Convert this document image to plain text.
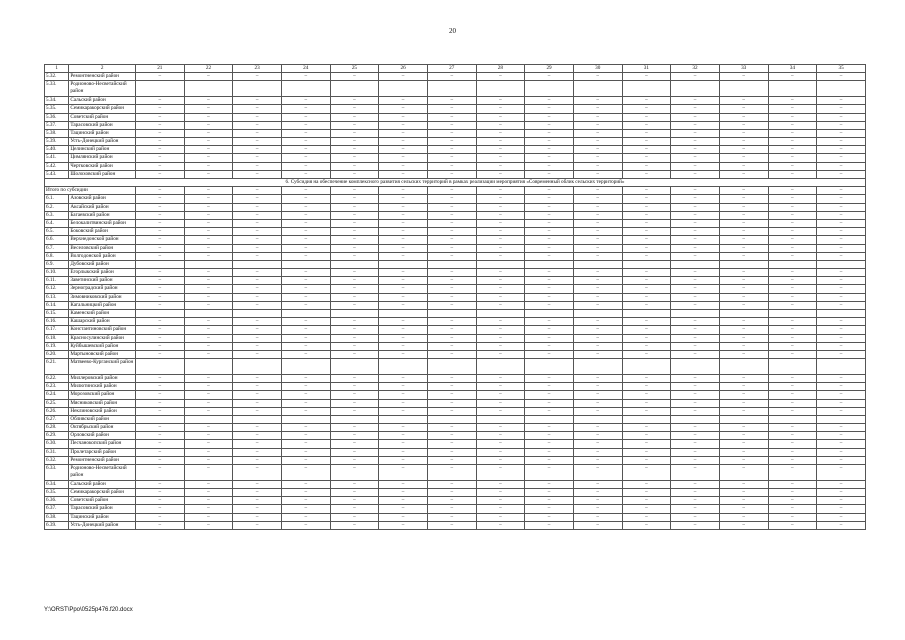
20
1	2	21	22	23	24	25	26	27	28	29	30	31	32	33	34	35
5.32.	Ремонтненский район	–	–	–	–	–	–	–	–	–	–	–	–	–	–	–
5.33.	Родионово-Несветайский район															
5.34.	Сальский район	–	–	–	–	–	–	–	–	–	–	–	–	–	–	–
5.35.	Семикаракорский район	–	–	–	–	–	–	–	–	–	–	–	–	–	–	–
5.36.	Советский район	–	–	–	–	–	–	–	–	–	–	–	–	–	–	–
5.37.	Тарасовский район	–	–	–	–	–	–	–	–	–	–	–	–	–	–	–
5.38.	Тацинский район	–	–	–	–	–	–	–	–	–	–	–	–	–	–	–
5.39.	Усть-Донецкий район	–	–	–	–	–	–	–	–	–	–	–	–	–	–	–
5.40.	Целинский район	–	–	–	–	–	–	–	–	–	–	–	–	–	–	–
5.41.	Цимлянский район	–	–	–	–	–	–	–	–	–	–	–	–	–	–	–
5.42.	Чертковский район	–	–	–	–	–	–	–	–	–	–	–	–	–	–	–
5.43.	Шолоховский район	–	–	–	–	–	–	–	–	–	–	–	–	–	–	–
6. Субсидия на обеспечение комплексного развития сельских территорий в рамках реализации мероприятия «Современный облик сельских территорий»																
Итого по субсидии		–	–	–	–	–	–	–	–	–	–	–	–	–	–	–
6.1.	Азовский район	–	–	–	–	–	–	–	–	–	–	–	–	–	–	–
6.2.	Аксайский район	–	–	–	–	–	–	–	–	–	–	–	–	–	–	–
6.3.	Багаевский район	–	–	–	–	–	–	–	–	–	–	–	–	–	–	–
6.4.	Белокалитвинский район	–	–	–	–	–	–	–	–	–	–	–	–	–	–	–
6.5.	Боковский район	–	–	–	–	–	–	–	–	–	–	–	–	–	–	–
6.6.	Верхнедонской район	–	–	–	–	–	–	–	–	–	–	–	–	–	–	–
6.7.	Веселовский район	–	–	–	–	–	–	–	–	–	–	–	–	–	–	–
6.8.	Волгодонской район	–	–	–	–	–	–	–	–	–	–	–	–	–	–	–
6.9.	Дубовский район															
6.10.	Егорлыкский район	–	–	–	–	–	–	–	–	–	–	–	–	–	–	–
6.11.	Заветинский район	–	–	–	–	–	–	–	–	–	–	–	–	–	–	–
6.12.	Зерноградский район	–	–	–	–	–	–	–	–	–	–	–	–	–	–	–
6.13.	Зимовниковский район	–	–	–	–	–	–	–	–	–	–	–	–	–	–	–
6.14.	Кагальницкий район	–	–	–	–	–	–	–	–	–	–	–	–	–	–	–
6.15.	Каменский район															
6.16.	Кашарский район	–	–	–	–	–	–	–	–	–	–	–	–	–	–	–
6.17.	Константиновский район	–	–	–	–	–	–	–	–	–	–	–	–	–	–	–
6.18.	Красносулинский район	–	–	–	–	–	–	–	–	–	–	–	–	–	–	–
6.19.	Куйбышевский район	–	–	–	–	–	–	–	–	–	–	–	–	–	–	–
6.20.	Мартыновский район	–	–	–	–	–	–	–	–	–	–	–	–	–	–	–
6.21.	Матвеево-Курганский район															
6.22.	Миллеровский район	–	–	–	–	–	–	–	–	–	–	–	–	–	–	–
6.23.	Милютинский район	–	–	–	–	–	–	–	–	–	–	–	–	–	–	–
6.24.	Морозовский район	–	–	–	–	–	–	–	–	–	–	–	–	–	–	–
6.25.	Мясниковский район	–	–	–	–	–	–	–	–	–	–	–	–	–	–	–
6.26.	Неклиновский район	–	–	–	–	–	–	–	–	–	–	–	–	–	–	–
6.27.	Обливский район															
6.28.	Октябрьский район	–	–	–	–	–	–	–	–	–	–	–	–	–	–	–
6.29.	Орловский район	–	–	–	–	–	–	–	–	–	–	–	–	–	–	–
6.30.	Песчанокопский район	–	–	–	–	–	–	–	–	–	–	–	–	–	–	–
6.31.	Пролетарский район	–	–	–	–	–	–	–	–	–	–	–	–	–	–	–
6.32.	Ремонтненский район	–	–	–	–	–	–	–	–	–	–	–	–	–	–	–
6.33.	Родионово-Несветайский район	–	–	–	–	–	–	–	–	–	–	–	–	–	–	–
6.34.	Сальский район	–	–	–	–	–	–	–	–	–	–	–	–	–	–	–
6.35.	Семикаракорский район	–	–	–	–	–	–	–	–	–	–	–	–	–	–	–
6.36.	Советский район	–	–	–	–	–	–	–	–	–	–	–	–	–	–	–
6.37.	Тарасовский район	–	–	–	–	–	–	–	–	–	–	–	–	–	–	–
6.38.	Тацинский район	–	–	–	–	–	–	–	–	–	–	–	–	–	–	–
6.39.	Усть-Донецкий район	–	–	–	–	–	–	–	–	–	–	–	–	–	–	–
Y:\ORST\Ppo\0525p476.f20.docx
